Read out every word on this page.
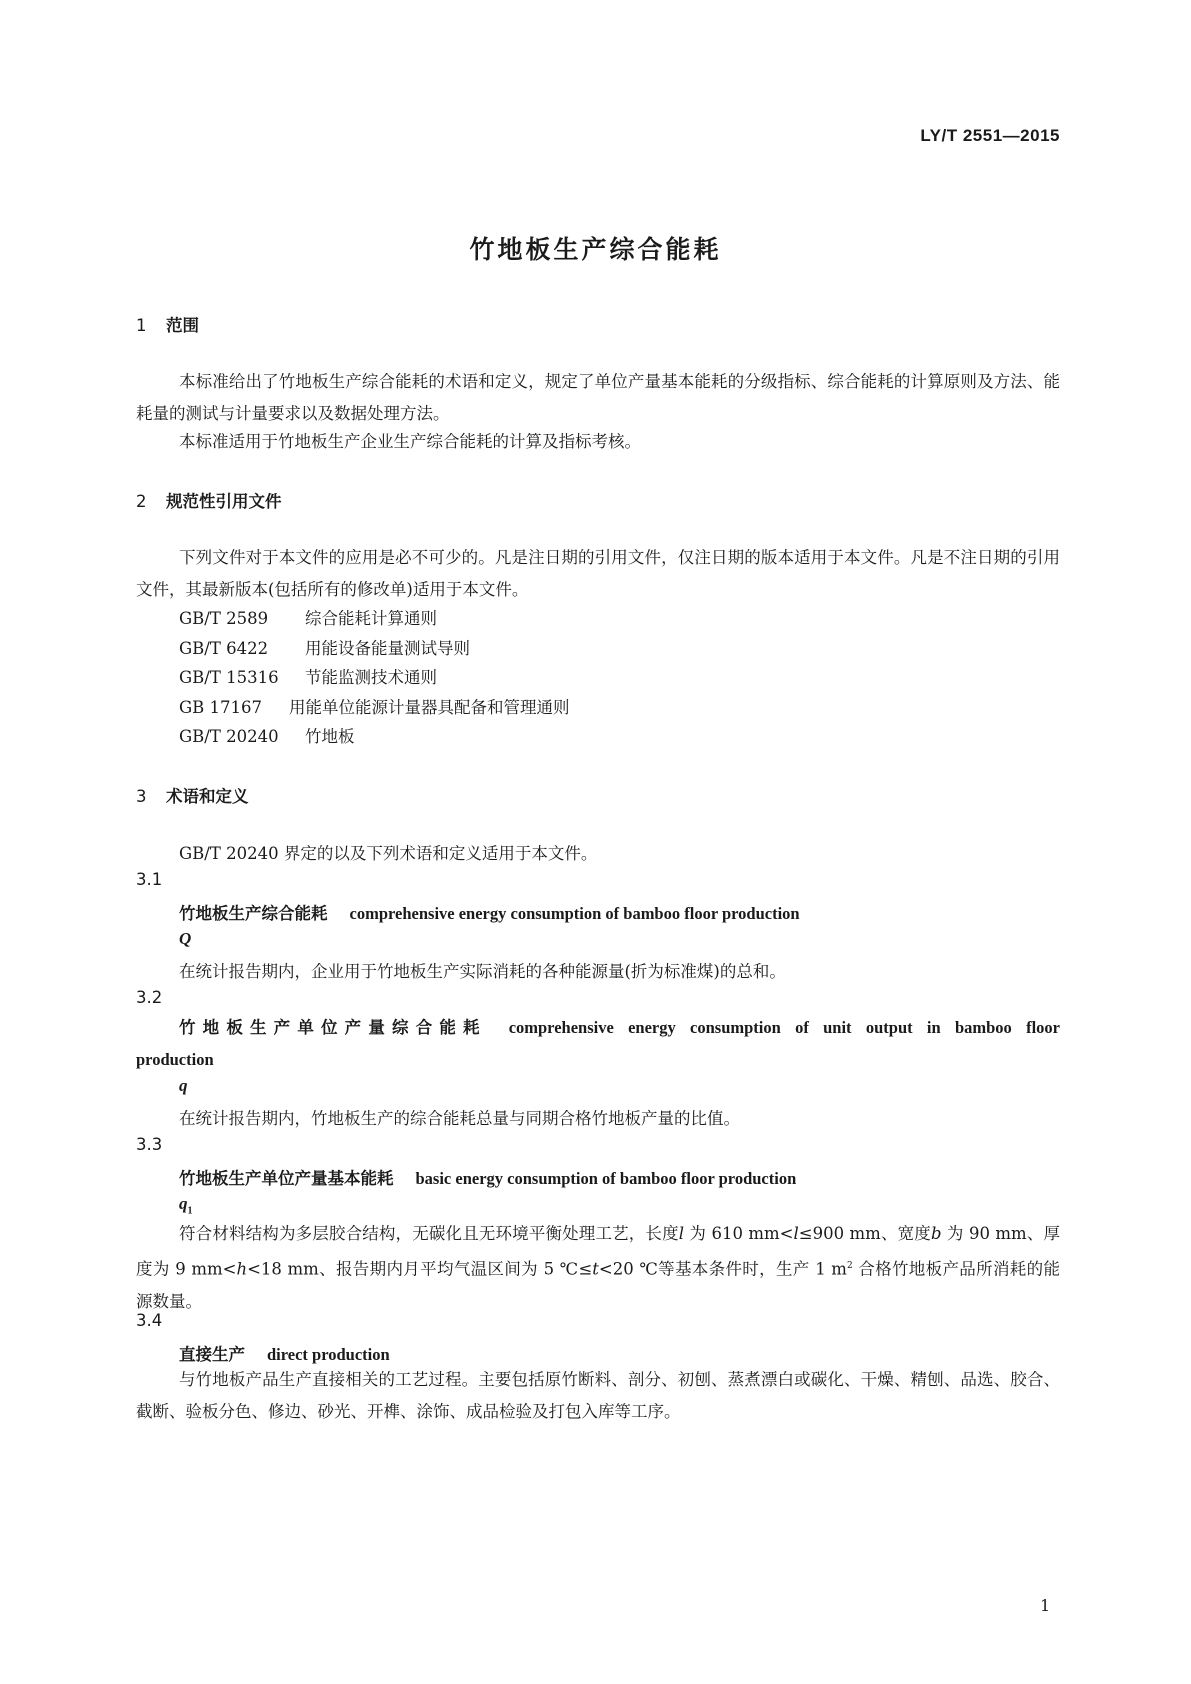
LY/T 2551—2015
竹地板生产综合能耗
1 范围
本标准给出了竹地板生产综合能耗的术语和定义，规定了单位产量基本能耗的分级指标、综合能耗的计算原则及方法、能耗量的测试与计量要求以及数据处理方法。
本标准适用于竹地板生产企业生产综合能耗的计算及指标考核。
2 规范性引用文件
下列文件对于本文件的应用是必不可少的。凡是注日期的引用文件，仅注日期的版本适用于本文件。凡是不注日期的引用文件，其最新版本(包括所有的修改单)适用于本文件。
GB/T 2589 综合能耗计算通则
GB/T 6422 用能设备能量测试导则
GB/T 15316 节能监测技术通则
GB 17167 用能单位能源计量器具配备和管理通则
GB/T 20240 竹地板
3 术语和定义
GB/T 20240 界定的以及下列术语和定义适用于本文件。
3.1
竹地板生产综合能耗 comprehensive energy consumption of bamboo floor production
Q
在统计报告期内，企业用于竹地板生产实际消耗的各种能源量(折为标准煤)的总和。
3.2
竹地板生产单位产量综合能耗 comprehensive energy consumption of unit output in bamboo floor production
q
在统计报告期内，竹地板生产的综合能耗总量与同期合格竹地板产量的比值。
3.3
竹地板生产单位产量基本能耗 basic energy consumption of bamboo floor production
$q_1$
符合材料结构为多层胶合结构，无碳化且无环境平衡处理工艺，长度l 为 610 mm<l≤900 mm、宽度b 为 90 mm、厚度为 9 mm<h<18 mm、报告期内月平均气温区间为 5 ℃≤t<20 ℃等基本条件时，生产 1 $m^2$ 合格竹地板产品所消耗的能源数量。
3.4
直接生产 direct production
与竹地板产品生产直接相关的工艺过程。主要包括原竹断料、剖分、初刨、蒸煮漂白或碳化、干燥、精刨、品选、胶合、截断、验板分色、修边、砂光、开榫、涂饰、成品检验及打包入库等工序。
1
